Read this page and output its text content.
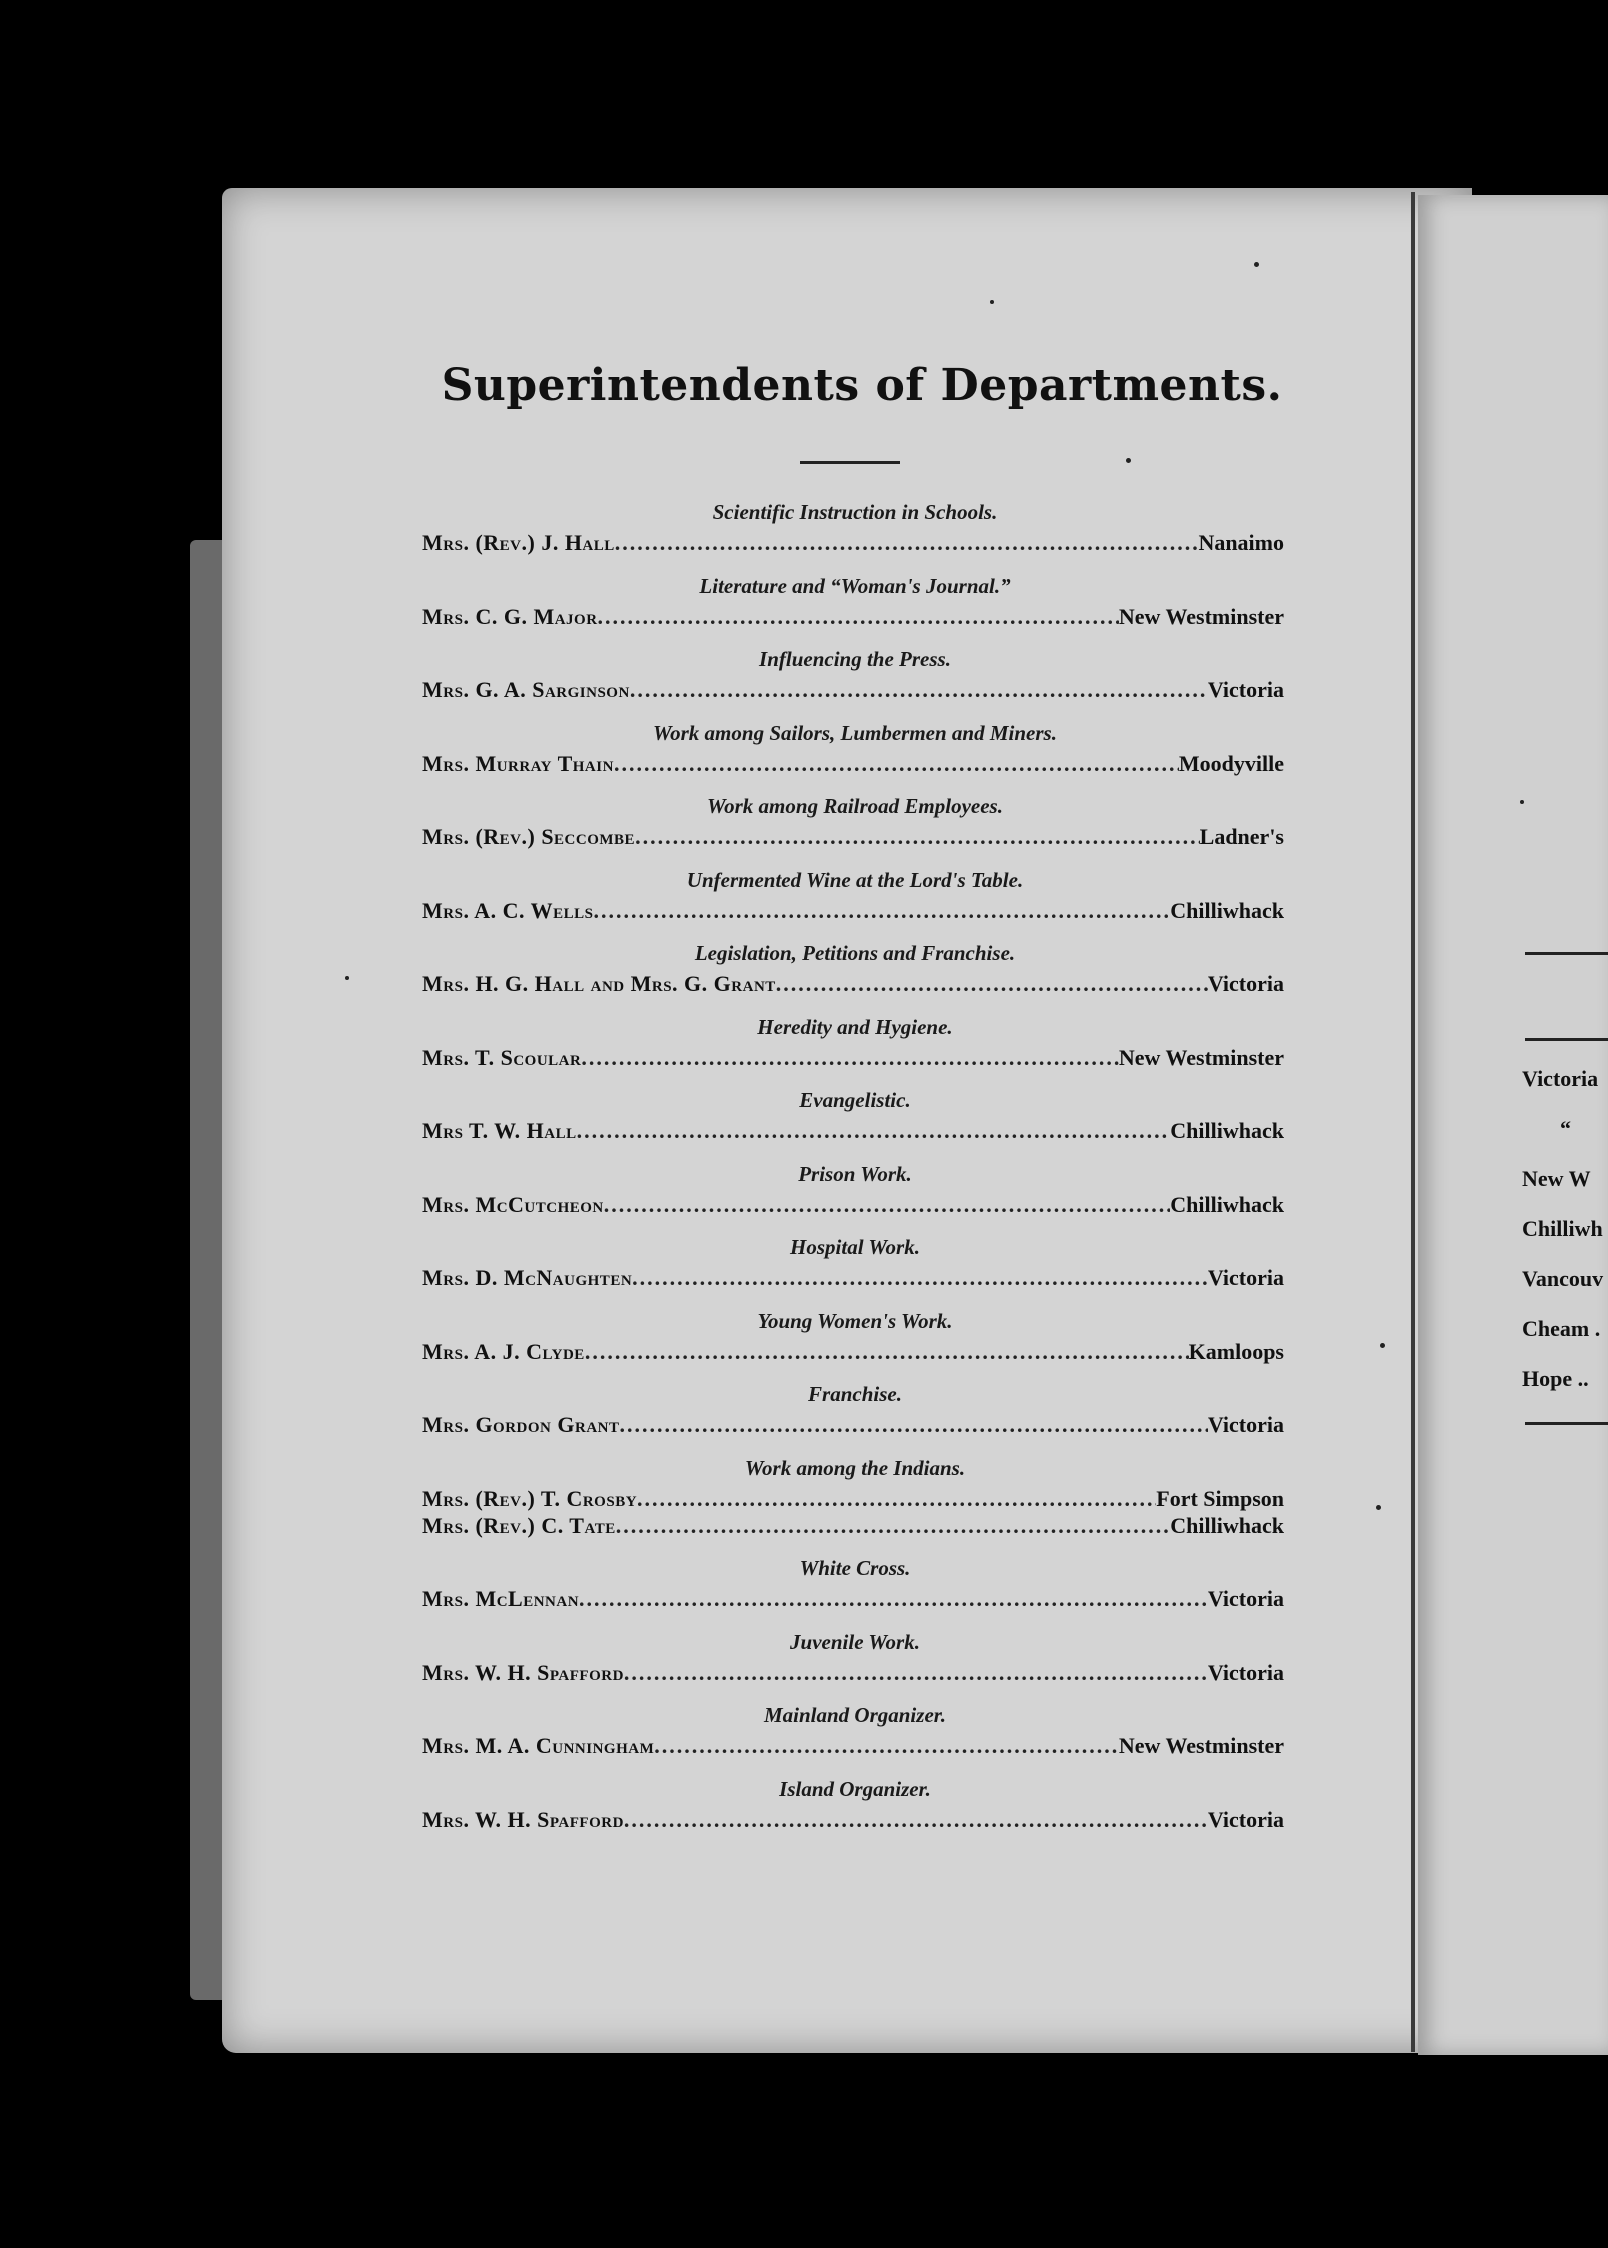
Superintendents of Departments.
Scientific Instruction in Schools.
Mrs. (Rev.) J. Hall .....	Nanaimo
Literature and “Woman's Journal.”
Mrs. C. G. Major .....	New Westminster
Influencing the Press.
Mrs. G. A. Sarginson .....	Victoria
Work among Sailors, Lumbermen and Miners.
Mrs. Murray Thain .....	Moodyville
Work among Railroad Employees.
Mrs. (Rev.) Seccombe .....	Ladner's
Unfermented Wine at the Lord's Table.
Mrs. A. C. Wells .....	Chilliwhack
Legislation, Petitions and Franchise.
Mrs. H. G. Hall and Mrs. G. Grant .....	Victoria
Heredity and Hygiene.
Mrs. T. Scoular .....	New Westminster
Evangelistic.
Mrs T. W. Hall .....	Chilliwhack
Prison Work.
Mrs. McCutcheon .....	Chilliwhack
Hospital Work.
Mrs. D. McNaughten .....	Victoria
Young Women's Work.
Mrs. A. J. Clyde .....	Kamloops
Franchise.
Mrs. Gordon Grant .....	Victoria
Work among the Indians.
Mrs. (Rev.) T. Crosby .....	Fort Simpson
Mrs. (Rev.) C. Tate .....	Chilliwhack
White Cross.
Mrs. McLennan .....	Victoria
Juvenile Work.
Mrs. W. H. Spafford .....	Victoria
Mainland Organizer.
Mrs. M. A. Cunningham .....	New Westminster
Island Organizer.
Mrs. W. H. Spafford .....	Victoria
Victoria
“
New W
Chilliwh
Vancouv
Cheam .
Hope ..
